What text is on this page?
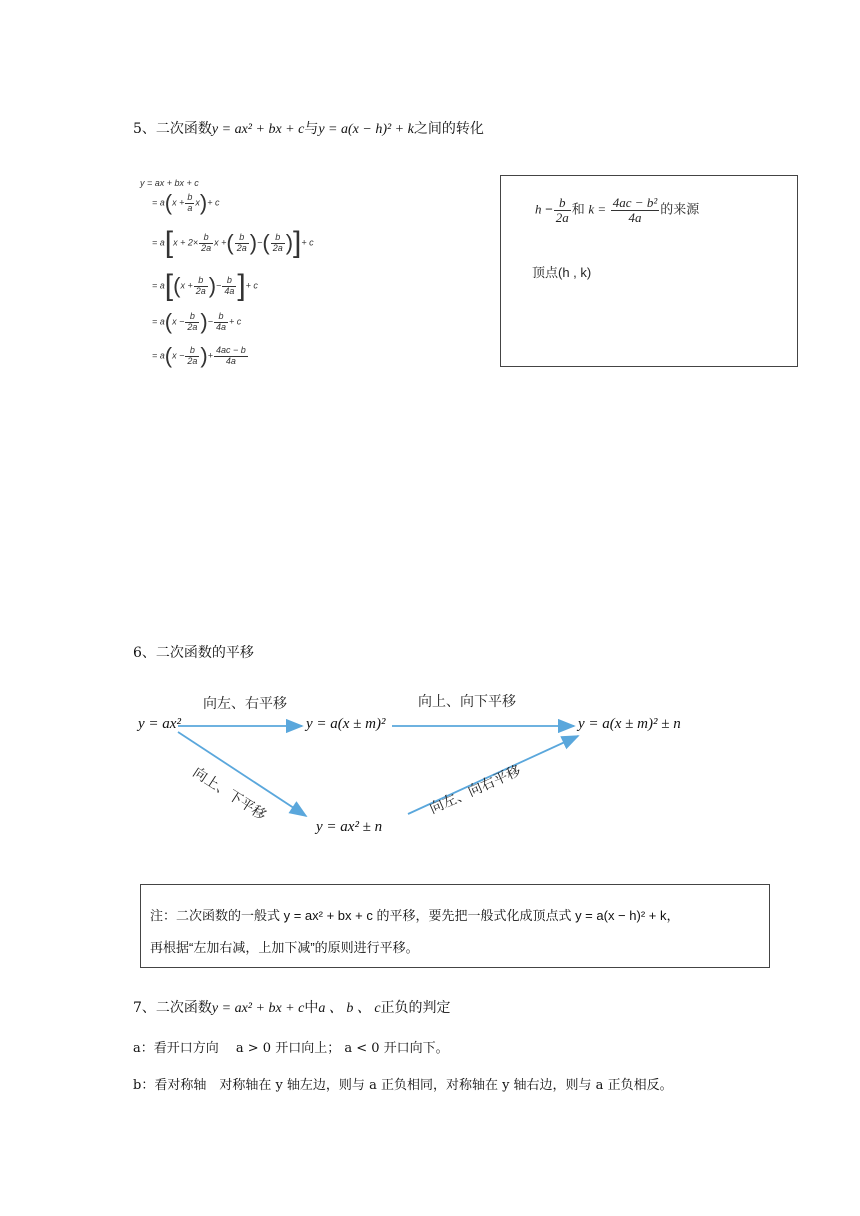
5、二次函数y = ax² + bx + c与y = a(x − h)² + k之间的转化
y = ax + bx + c
= $a(x + \frac{b}{a} x)+ c$
= $a[x + 2\times \frac{b}{2a}$ x +( $\frac{b}{2a}$ )−( $\frac{b}{2a}$ )]+ c
= $a[(x + \frac{b}{2a}$ )− $\frac{b}{4a}$ ]+ c
= $a(x - \frac{b}{2a}$ )− $\frac{b}{4a} + c$
= $a(x - \frac{b}{2a}$ )+ $\frac{4ac - b}{4a}$
$h - \frac{b}{2a}$ 和 $k = \frac{\text{4ac − b²}}{4a}$ 的来源
顶点(h , k)
6、二次函数的平移
y = ax²	y = a(x ± m)²	y = a(x ± m)² ± n
y = ax² ± n
向左、右平移	向上、向下平移
向上、下平移	向左、向右平移
注：二次函数的一般式 y = ax² + bx + c 的平移，要先把一般式化成顶点式 y = a(x − h)² + k，
再根据“左加右减，上加下减”的原则进行平移。
7、二次函数y = ax² + bx + c中a 、 b 、 c正负的判定
a：看开口方向　 a > 0 开口向上； a < 0 开口向下。
b：看对称轴　对称轴在 y 轴左边，则与 a 正负相同，对称轴在 y 轴右边，则与 a 正负相反。
